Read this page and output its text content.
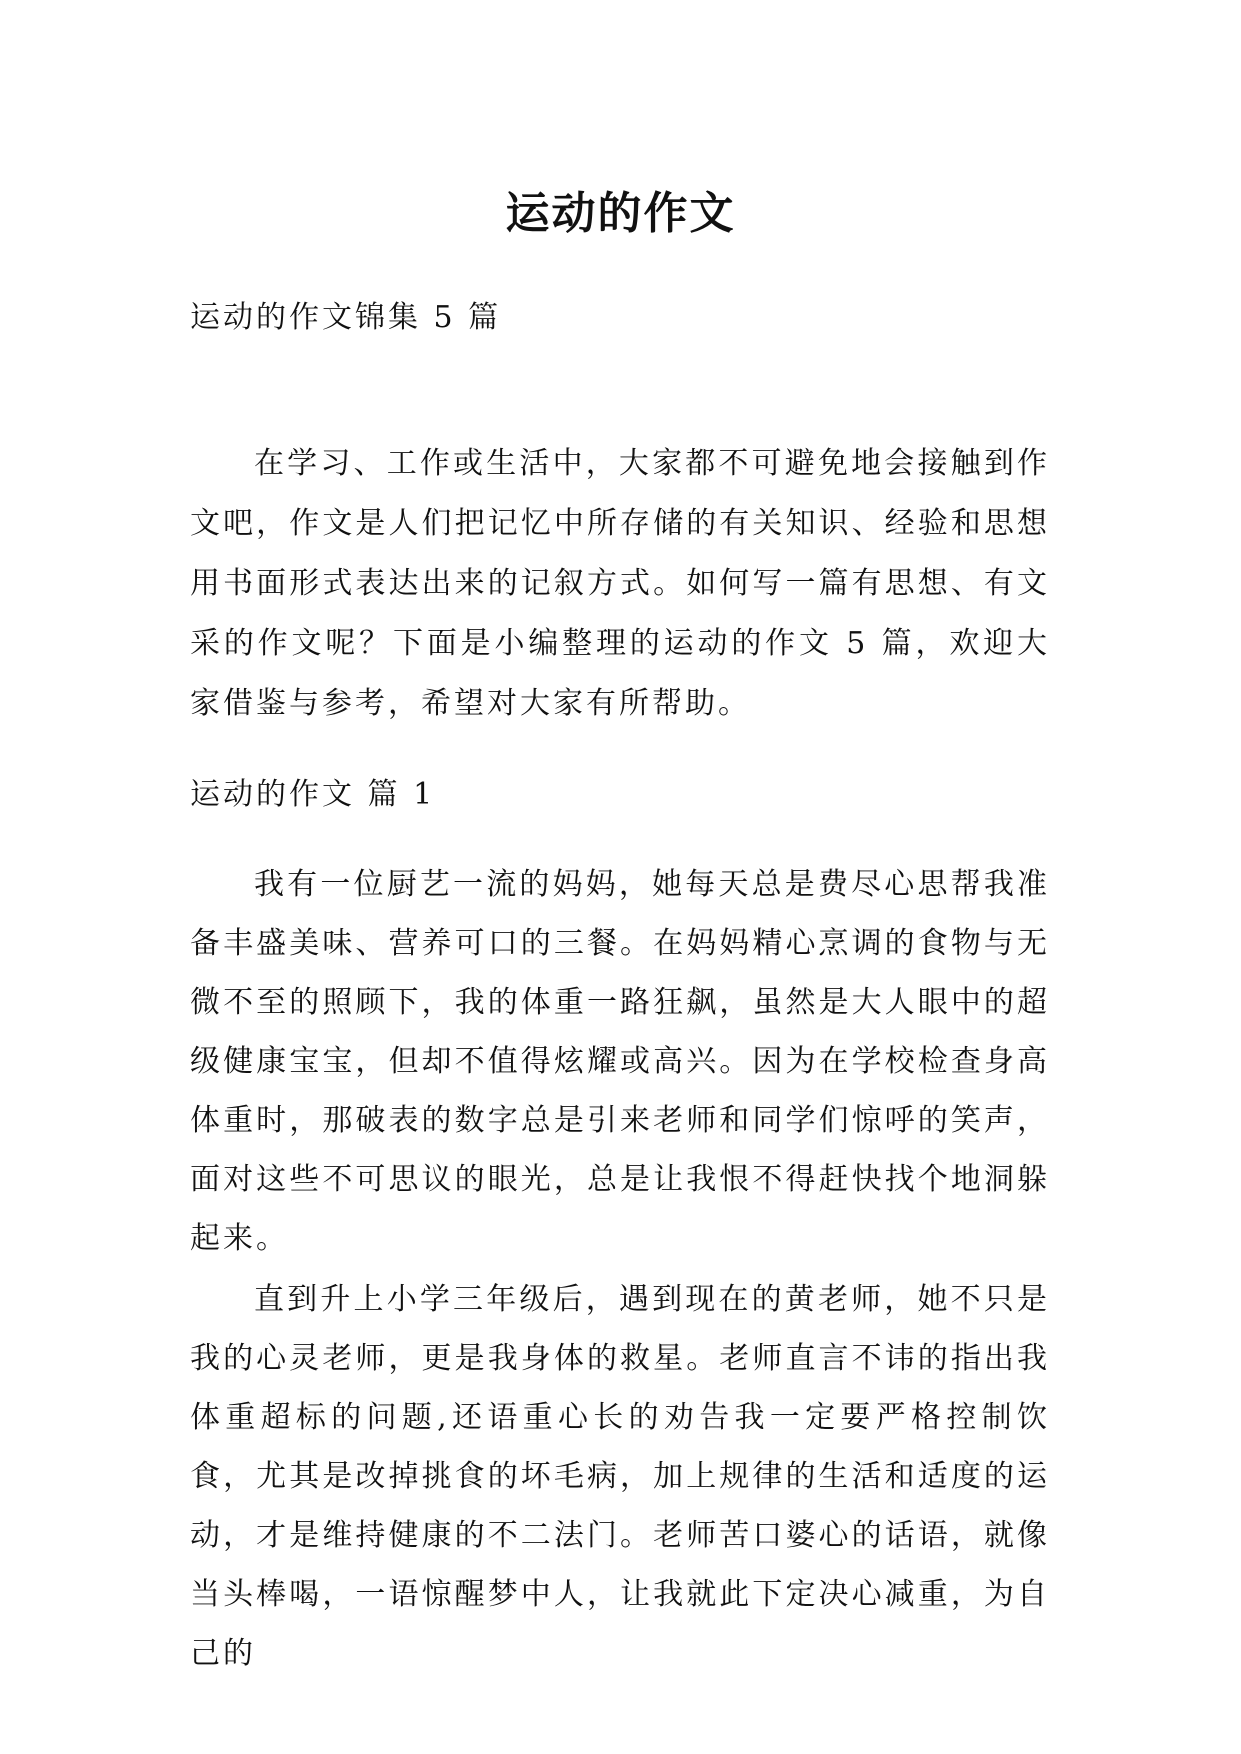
运动的作文
运动的作文锦集 5 篇

在学习、工作或生活中，大家都不可避免地会接触到作文吧，作文是人们把记忆中所存储的有关知识、经验和思想用书面形式表达出来的记叙方式。如何写一篇有思想、有文采的作文呢？下面是小编整理的运动的作文 5 篇，欢迎大家借鉴与参考，希望对大家有所帮助。

运动的作文 篇 1

我有一位厨艺一流的妈妈，她每天总是费尽心思帮我准备丰盛美味、营养可口的三餐。在妈妈精心烹调的食物与无微不至的照顾下，我的体重一路狂飙，虽然是大人眼中的超级健康宝宝，但却不值得炫耀或高兴。因为在学校检查身高体重时，那破表的数字总是引来老师和同学们惊呼的笑声，面对这些不可思议的眼光，总是让我恨不得赶快找个地洞躲起来。

直到升上小学三年级后，遇到现在的黄老师，她不只是我的心灵老师，更是我身体的救星。老师直言不讳的指出我体重超标的问题,还语重心长的劝告我一定要严格控制饮食，尤其是改掉挑食的坏毛病，加上规律的生活和适度的运动，才是维持健康的不二法门。老师苦口婆心的话语，就像当头棒喝，一语惊醒梦中人，让我就此下定决心减重，为自己的
